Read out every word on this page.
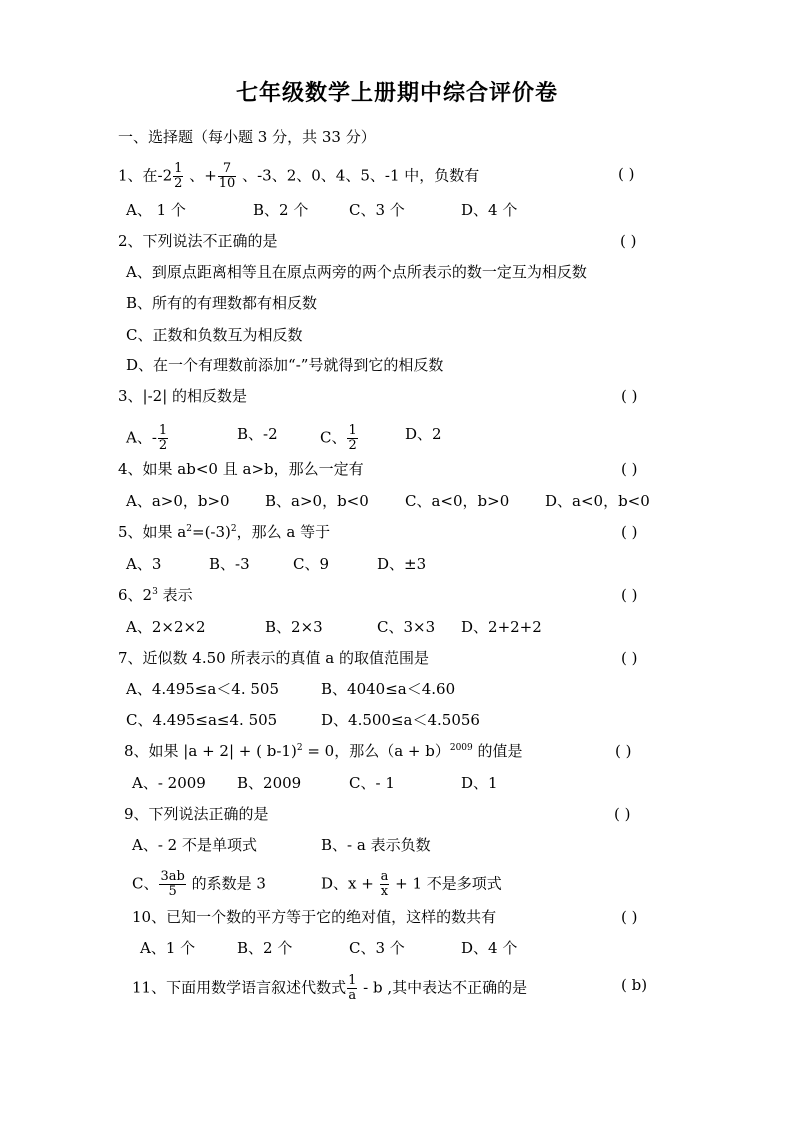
七年级数学上册期中综合评价卷
一、选择题（每小题 3 分，共 33 分）
1、在$-2 \frac{1}{2}$ 、+ $\frac{7}{10}$ 、-3、2、0、4、5、-1 中，负数有	( )
A、 1 个	B、2 个	C、3 个	D、4 个
2、下列说法不正确的是	( )
A、到原点距离相等且在原点两旁的两个点所表示的数一定互为相反数
B、所有的有理数都有相反数
C、正数和负数互为相反数
D、在一个有理数前添加“-”号就得到它的相反数
3、|-2| 的相反数是	( )
A、- $\frac{1}{2}$	B、-2	C、 $\frac{1}{2}$	D、2
4、如果 ab<0 且 a>b，那么一定有	( )
A、a>0，b>0 B、a>0，b<0 C、a<0，b>0 D、a<0，b<0
5、如果 $a^2=(-3)^2$，那么 a 等于	( )
A、3	B、-3	C、9	D、±3
6、$2^3$ 表示	( )
A、2×2×2	B、2×3	C、3×3 D、2+2+2
7、近似数 4.50 所表示的真值 a 的取值范围是	( )
A、4.495≤a＜4. 505	B、4040≤a＜4.60
C、4.495≤a≤4. 505	D、4.500≤a＜4.5056
8、如果 |a + 2| + ( b-1)$^2$ = 0，那么$(a + b)^{2009}$ 的值是	( )
A、- 2009 B、2009	C、- 1	D、1
9、下列说法正确的是	( )
A、- 2 不是单项式	B、- a 表示负数
C、 $\frac{3ab}{5}$ 的系数是 3	D、$x + \frac{a}{x} + 1$ 不是多项式
10、已知一个数的平方等于它的绝对值，这样的数共有	( )
A、1 个	B、2 个	C、3 个	D、4 个
11、下面用数学语言叙述代数式 $\frac{1}{a}$ - b ,其中表达不正确的是	( b)
